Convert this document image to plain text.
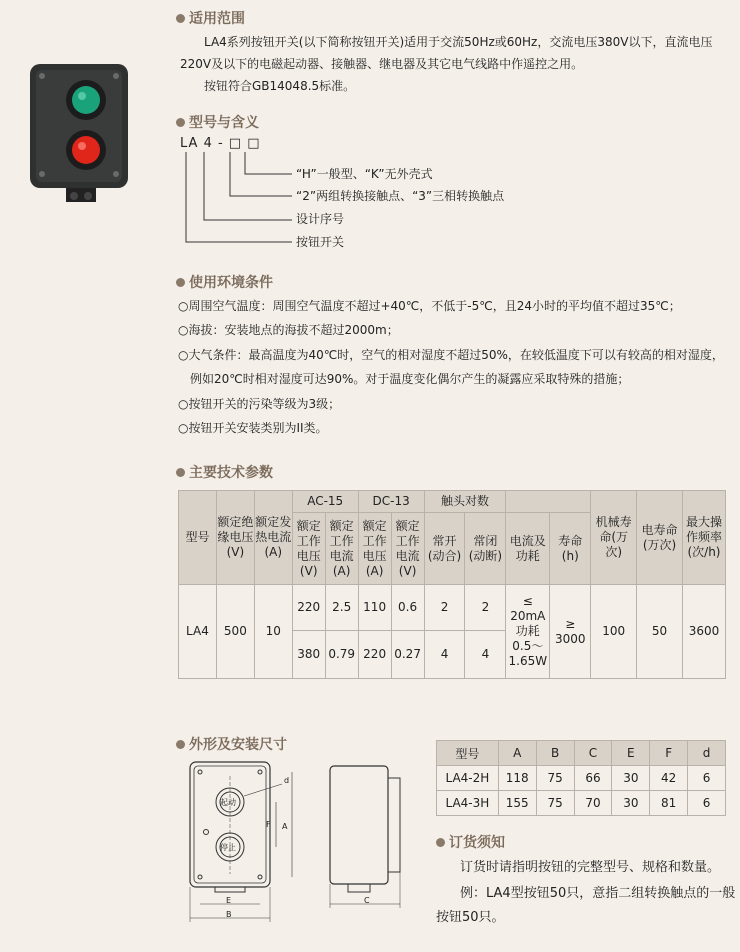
适用范围
LA4系列按钮开关(以下简称按钮开关)适用于交流50Hz或60Hz，交流电压380V以下，直流电压
220V及以下的电磁起动器、接触器、继电器及其它电气线路中作遥控之用。
按钮符合GB14048.5标准。
型号与含义
LA 4 - □ □
“H”一般型、“K”无外壳式
“2”两组转换接触点、“3”三相转换触点
设计序号
按钮开关
使用环境条件
○周围空气温度：周围空气温度不超过+40℃，不低于-5℃，且24小时的平均值不超过35℃；
○海拔：安装地点的海拔不超过2000m；
○大气条件：最高温度为40℃时，空气的相对湿度不超过50%，在较低温度下可以有较高的相对湿度，
例如20℃时相对湿度可达90%。对于温度变化偶尔产生的凝露应采取特殊的措施；
○按钮开关的污染等级为3级；
○按钮开关安装类别为II类。
主要技术参数
型号	额定绝缘电压(V)	额定发热电流(A)	AC-15		DC-13		触头对数				机械寿命(万次)	电寿命(万次)	最大操作频率(次/h)
			额定工作电压(V)	额定工作电流(A)	额定工作电压(A)	额定工作电流(V)	常开(动合)	常闭(动断)	电流及功耗	寿命(h)			
LA4	500	10	220	2.5	110	0.6	2	2	≤ 20mA 功耗 0.5～ 1.65W	≥ 3000	100	50	3600
			380	0.79	220	0.27	4	4					
外形及安装尺寸
起动
停止
d
F A
E
B
C
型号	A	B	C	E	F	d
LA4-2H	118	75	66	30	42	6
LA4-3H	155	75	70	30	81	6
订货须知
订货时请指明按钮的完整型号、规格和数量。
例：LA4型按钮50只，意指二组转换触点的一般
按钮50只。
